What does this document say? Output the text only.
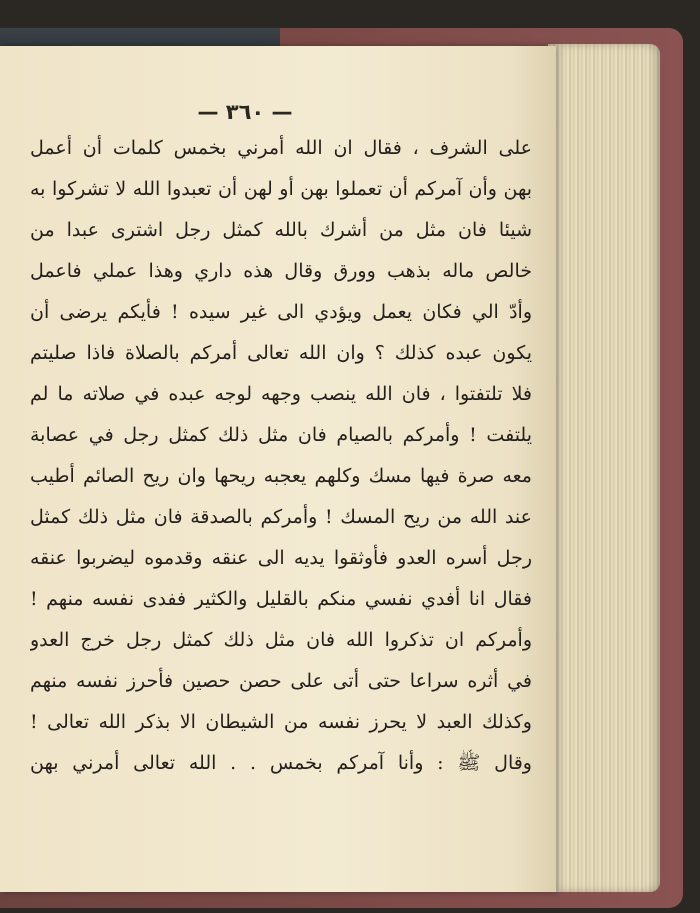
— ٣٦٠ —
على الشرف ، فقال ان الله أمرني بخمس كلمات أن أعمل
بهن وأن آمركم أن تعملوا بهن أو لهن أن تعبدوا الله لا تشركوا به
شيئا فان مثل من أشرك بالله كمثل رجل اشترى عبدا من
خالص ماله بذهب وورق وقال هذه داري وهذا عملي فاعمل
وأدّ الي فكان يعمل ويؤدي الى غير سيده ! فأيكم يرضى أن
يكون عبده كذلك ؟ وان الله تعالى أمركم بالصلاة فاذا صليتم
فلا تلتفتوا ، فان الله ينصب وجهه لوجه عبده في صلاته ما لم
يلتفت ! وأمركم بالصيام فان مثل ذلك كمثل رجل في عصابة
معه صرة فيها مسك وكلهم يعجبه ريحها وان ريح الصائم أطيب
عند الله من ريح المسك ! وأمركم بالصدقة فان مثل ذلك كمثل
رجل أسره العدو فأوثقوا يديه الى عنقه وقدموه ليضربوا عنقه
فقال انا أفدي نفسي منكم بالقليل والكثير ففدى نفسه منهم !
وأمركم ان تذكروا الله فان مثل ذلك كمثل رجل خرج العدو
في أثره سراعا حتى أتى على حصن حصين فأحرز نفسه منهم
وكذلك العبد لا يحرز نفسه من الشيطان الا بذكر الله تعالى !
وقال ﷺ : وأنا آمركم بخمس . . الله تعالى أمرني بهن
